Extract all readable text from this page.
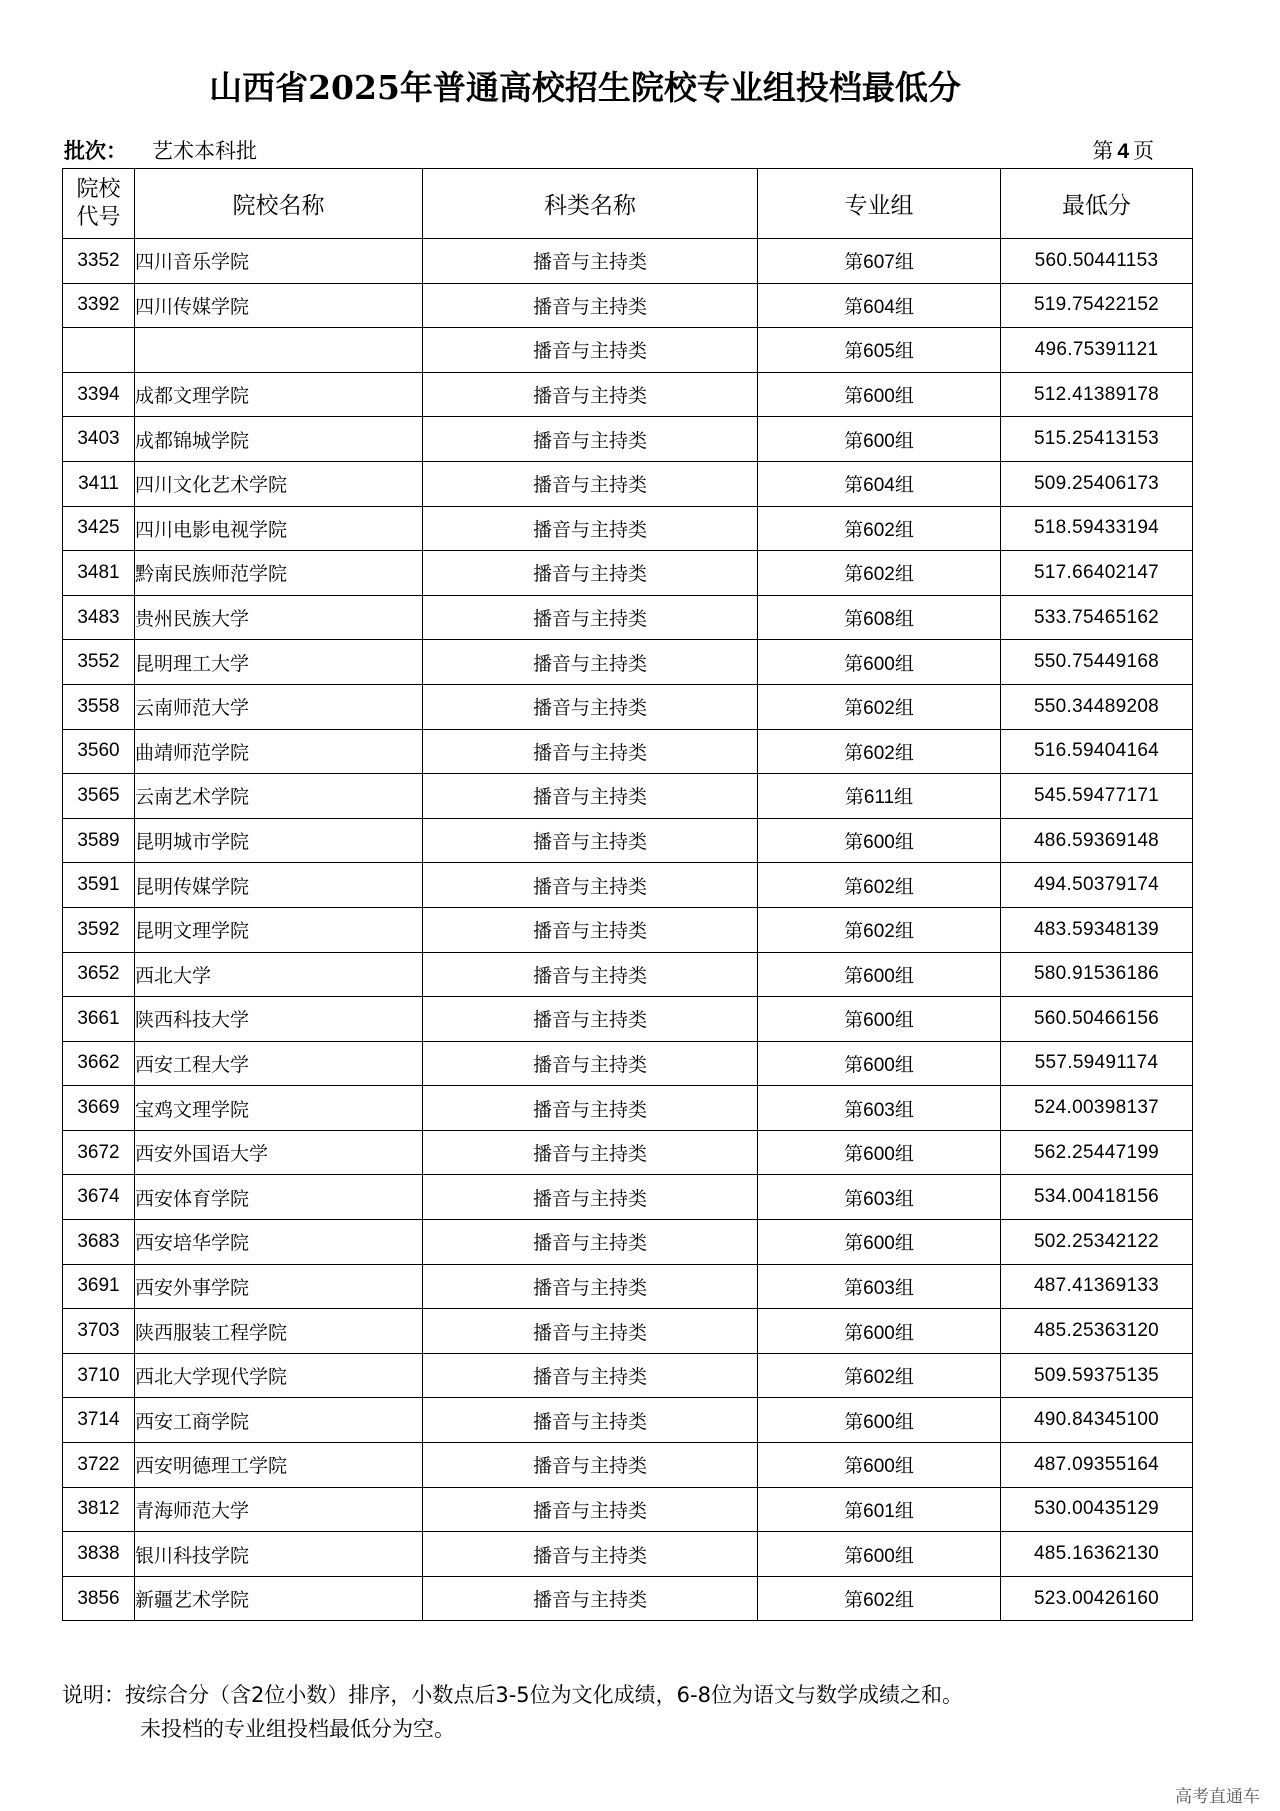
山西省2025年普通高校招生院校专业组投档最低分
批次： 艺术本科批	第 4 页
院校
代号	院校名称	科类名称	专业组	最低分
3352	四川音乐学院	播音与主持类	第607组	560.50441153
3392	四川传媒学院	播音与主持类	第604组	519.75422152
		播音与主持类	第605组	496.75391121
3394	成都文理学院	播音与主持类	第600组	512.41389178
3403	成都锦城学院	播音与主持类	第600组	515.25413153
3411	四川文化艺术学院	播音与主持类	第604组	509.25406173
3425	四川电影电视学院	播音与主持类	第602组	518.59433194
3481	黔南民族师范学院	播音与主持类	第602组	517.66402147
3483	贵州民族大学	播音与主持类	第608组	533.75465162
3552	昆明理工大学	播音与主持类	第600组	550.75449168
3558	云南师范大学	播音与主持类	第602组	550.34489208
3560	曲靖师范学院	播音与主持类	第602组	516.59404164
3565	云南艺术学院	播音与主持类	第611组	545.59477171
3589	昆明城市学院	播音与主持类	第600组	486.59369148
3591	昆明传媒学院	播音与主持类	第602组	494.50379174
3592	昆明文理学院	播音与主持类	第602组	483.59348139
3652	西北大学	播音与主持类	第600组	580.91536186
3661	陕西科技大学	播音与主持类	第600组	560.50466156
3662	西安工程大学	播音与主持类	第600组	557.59491174
3669	宝鸡文理学院	播音与主持类	第603组	524.00398137
3672	西安外国语大学	播音与主持类	第600组	562.25447199
3674	西安体育学院	播音与主持类	第603组	534.00418156
3683	西安培华学院	播音与主持类	第600组	502.25342122
3691	西安外事学院	播音与主持类	第603组	487.41369133
3703	陕西服装工程学院	播音与主持类	第600组	485.25363120
3710	西北大学现代学院	播音与主持类	第602组	509.59375135
3714	西安工商学院	播音与主持类	第600组	490.84345100
3722	西安明德理工学院	播音与主持类	第600组	487.09355164
3812	青海师范大学	播音与主持类	第601组	530.00435129
3838	银川科技学院	播音与主持类	第600组	485.16362130
3856	新疆艺术学院	播音与主持类	第602组	523.00426160
说明：按综合分（含2位小数）排序，小数点后3-5位为文化成绩，6-8位为语文与数学成绩之和。
未投档的专业组投档最低分为空。
高考直通车
